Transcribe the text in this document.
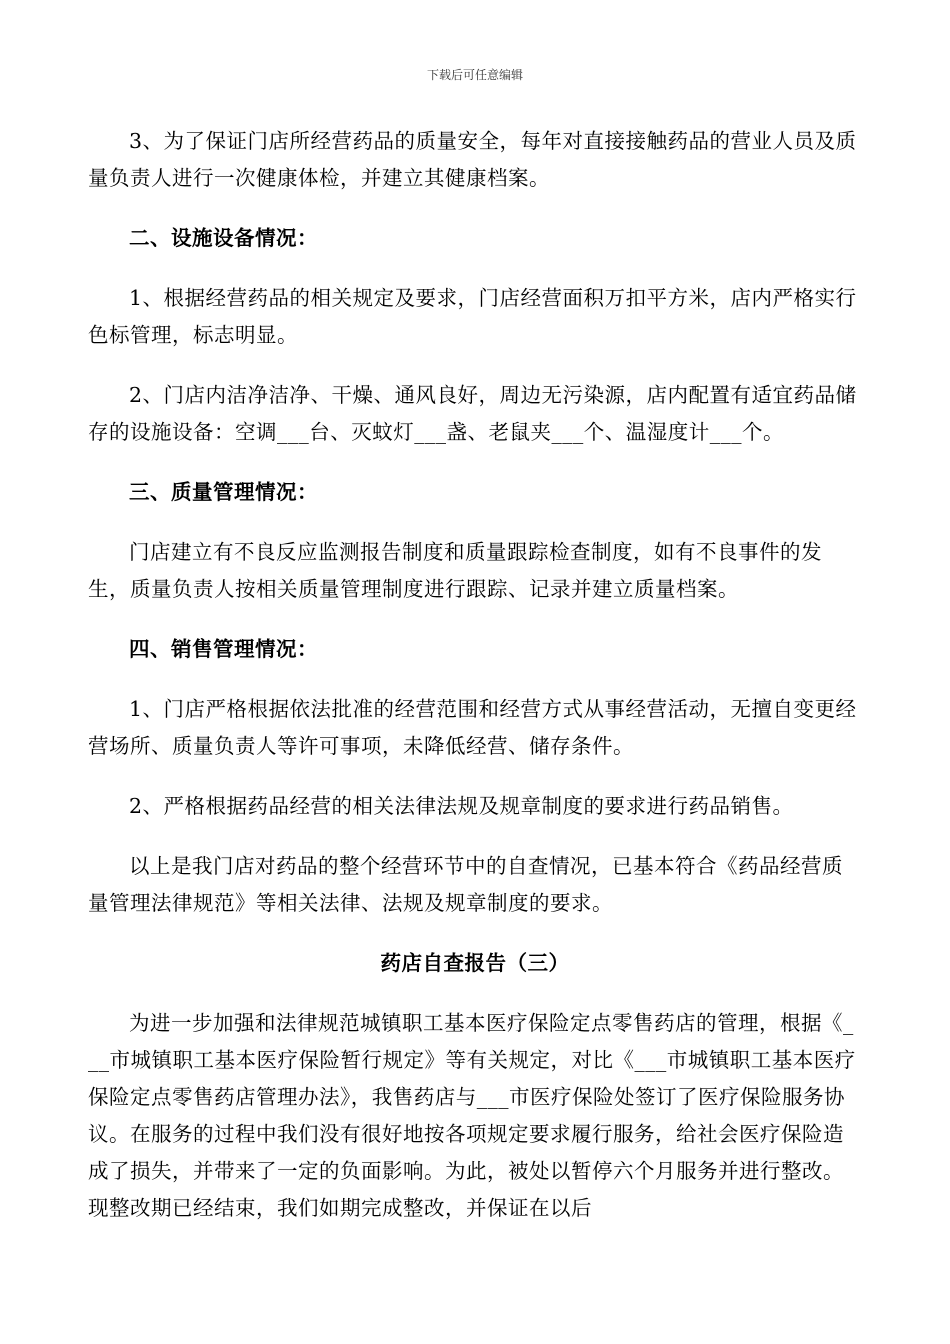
下载后可任意编辑

3、为了保证门店所经营药品的质量安全，每年对直接接触药品的营业人员及质量负责人进行一次健康体检，并建立其健康档案。

二、设施设备情况：

1、根据经营药品的相关规定及要求，门店经营面积万扣平方米，店内严格实行色标管理，标志明显。

2、门店内洁净洁净、干燥、通风良好，周边无污染源，店内配置有适宜药品储存的设施设备：空调___台、灭蚊灯___盏、老鼠夹___个、温湿度计___个。

三、质量管理情况：

门店建立有不良反应监测报告制度和质量跟踪检查制度，如有不良事件的发生，质量负责人按相关质量管理制度进行跟踪、记录并建立质量档案。

四、销售管理情况：

1、门店严格根据依法批准的经营范围和经营方式从事经营活动，无擅自变更经营场所、质量负责人等许可事项，未降低经营、储存条件。

2、严格根据药品经营的相关法律法规及规章制度的要求进行药品销售。

以上是我门店对药品的整个经营环节中的自查情况，已基本符合《药品经营质量管理法律规范》等相关法律、法规及规章制度的要求。

药店自查报告（三）

为进一步加强和法律规范城镇职工基本医疗保险定点零售药店的管理，根据《___市城镇职工基本医疗保险暂行规定》等有关规定，对比《___市城镇职工基本医疗保险定点零售药店管理办法》，我售药店与___市医疗保险处签订了医疗保险服务协议。在服务的过程中我们没有很好地按各项规定要求履行服务，给社会医疗保险造成了损失，并带来了一定的负面影响。为此，被处以暂停六个月服务并进行整改。现整改期已经结束，我们如期完成整改，并保证在以后
